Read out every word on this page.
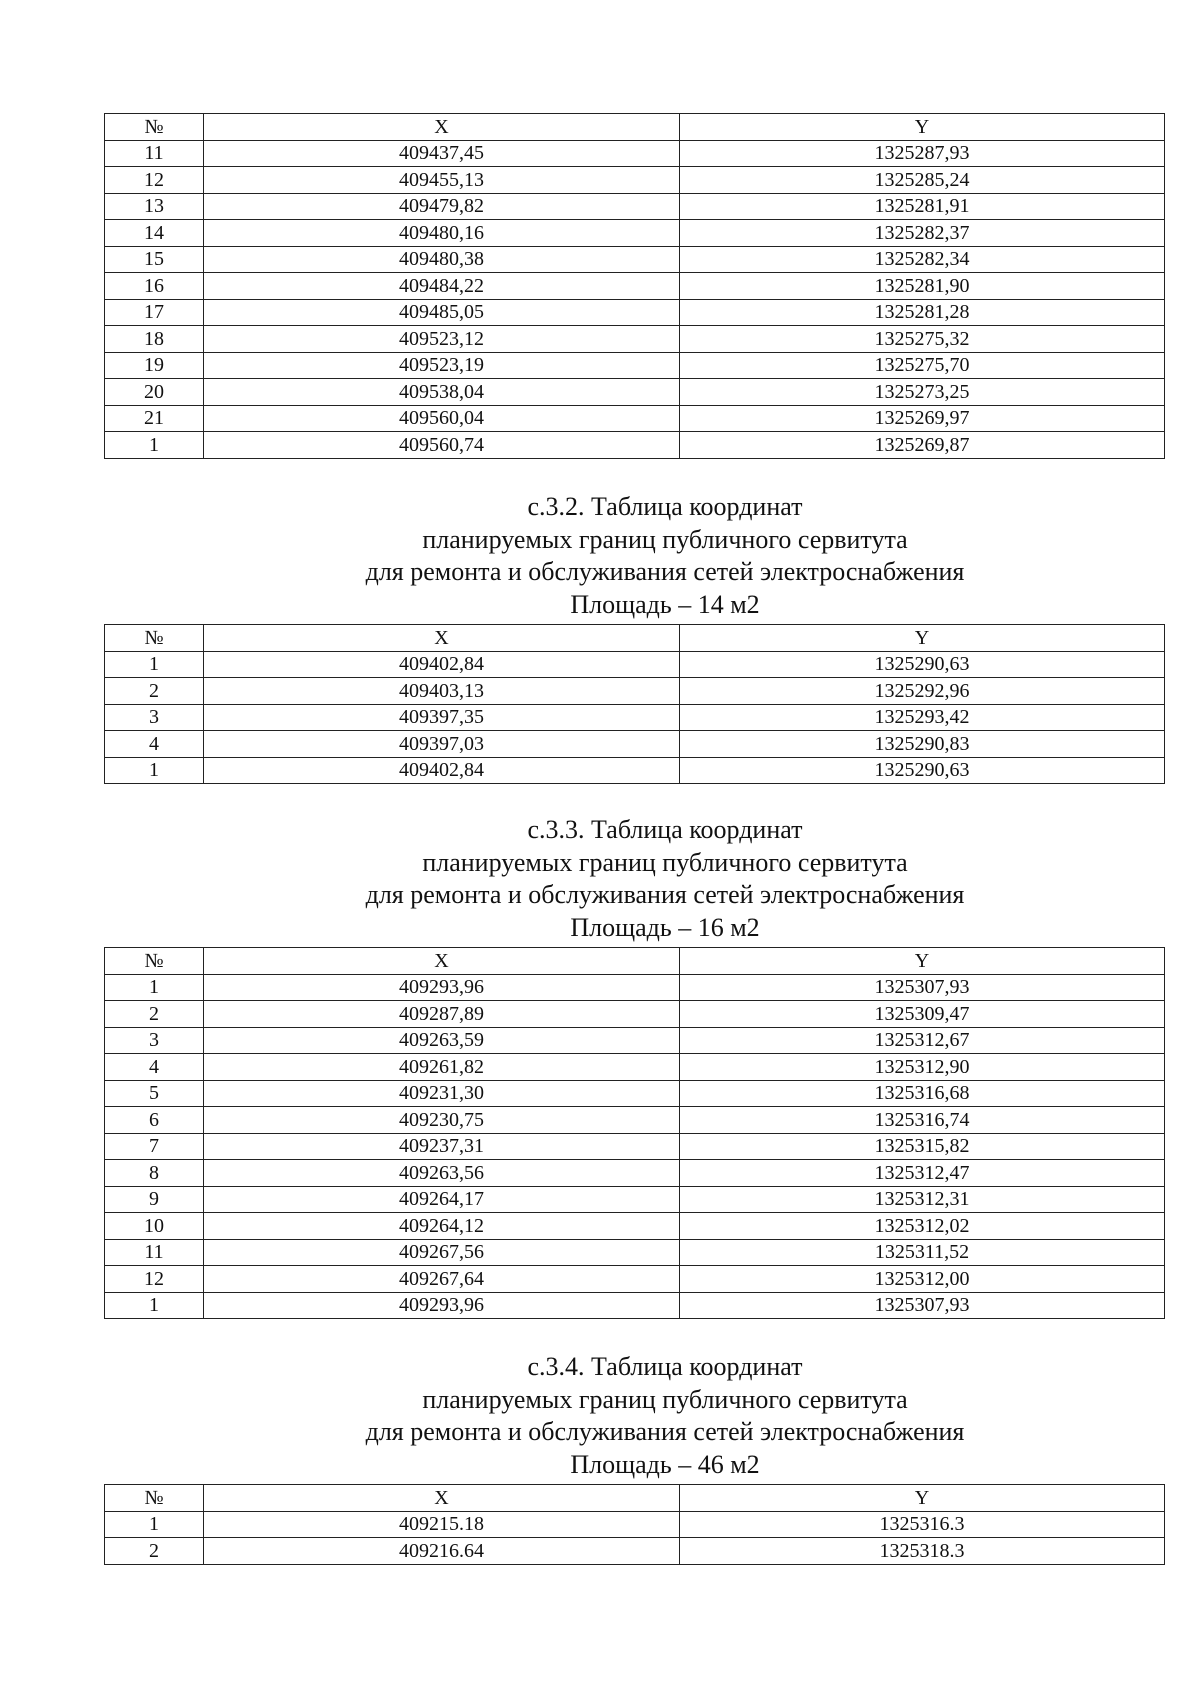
№	X	Y
11	409437,45	1325287,93
12	409455,13	1325285,24
13	409479,82	1325281,91
14	409480,16	1325282,37
15	409480,38	1325282,34
16	409484,22	1325281,90
17	409485,05	1325281,28
18	409523,12	1325275,32
19	409523,19	1325275,70
20	409538,04	1325273,25
21	409560,04	1325269,97
1	409560,74	1325269,87
с.3.2. Таблица координат
планируемых границ публичного сервитута
для ремонта и обслуживания сетей электроснабжения
Площадь – 14 м2
№	X	Y
1	409402,84	1325290,63
2	409403,13	1325292,96
3	409397,35	1325293,42
4	409397,03	1325290,83
1	409402,84	1325290,63
с.3.3. Таблица координат
планируемых границ публичного сервитута
для ремонта и обслуживания сетей электроснабжения
Площадь – 16 м2
№	X	Y
1	409293,96	1325307,93
2	409287,89	1325309,47
3	409263,59	1325312,67
4	409261,82	1325312,90
5	409231,30	1325316,68
6	409230,75	1325316,74
7	409237,31	1325315,82
8	409263,56	1325312,47
9	409264,17	1325312,31
10	409264,12	1325312,02
11	409267,56	1325311,52
12	409267,64	1325312,00
1	409293,96	1325307,93
с.3.4. Таблица координат
планируемых границ публичного сервитута
для ремонта и обслуживания сетей электроснабжения
Площадь – 46 м2
№	X	Y
1	409215.18	1325316.3
2	409216.64	1325318.3
